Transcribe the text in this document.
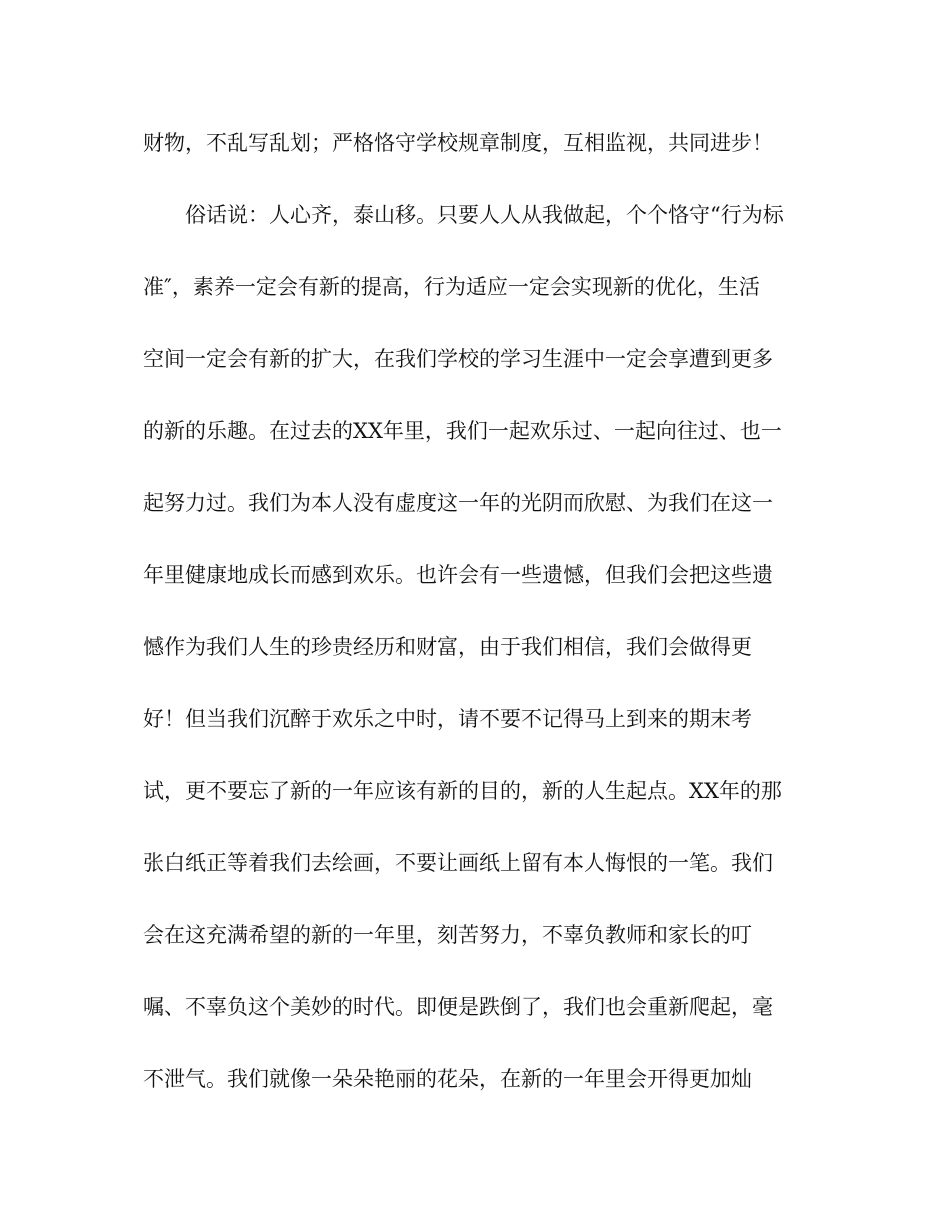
财物，不乱写乱划；严格恪守学校规章制度，互相监视，共同进步！
　　俗话说：人心齐，泰山移。只要人人从我做起，个个恪守“行为标
准″，素养一定会有新的提高，行为适应一定会实现新的优化，生活
空间一定会有新的扩大，在我们学校的学习生涯中一定会享遭到更多
的新的乐趣。在过去的XX年里，我们一起欢乐过、一起向往过、也一
起努力过。我们为本人没有虚度这一年的光阴而欣慰、为我们在这一
年里健康地成长而感到欢乐。也许会有一些遗憾，但我们会把这些遗
憾作为我们人生的珍贵经历和财富，由于我们相信，我们会做得更
好！但当我们沉醉于欢乐之中时，请不要不记得马上到来的期末考
试，更不要忘了新的一年应该有新的目的，新的人生起点。XX年的那
张白纸正等着我们去绘画，不要让画纸上留有本人悔恨的一笔。我们
会在这充满希望的新的一年里，刻苦努力，不辜负教师和家长的叮
嘱、不辜负这个美妙的时代。即便是跌倒了，我们也会重新爬起，毫
不泄气。我们就像一朵朵艳丽的花朵，在新的一年里会开得更加灿
